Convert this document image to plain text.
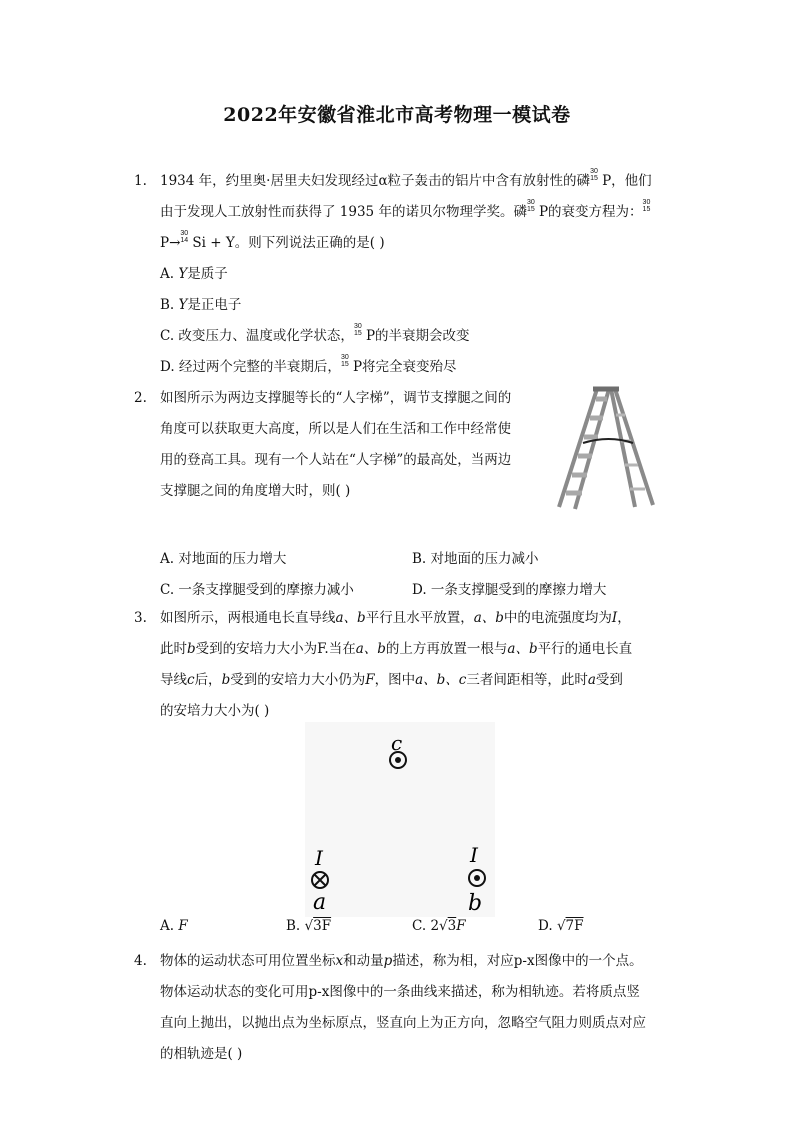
2022年安徽省淮北市高考物理一模试卷
1. 1934 年，约里奥·居里夫妇发现经过α粒子轰击的铝片中含有放射性的磷
30
15 P，他们
由于发现人工放射性而获得了 1935 年的诺贝尔物理学奖。磷
30
15 P的衰变方程为：
30
15
P→
30
14 Si + Y。则下列说法正确的是( )
A. Y是质子
B. Y是正电子
C. 改变压力、温度或化学状态，
30
15 P的半衰期会改变
D. 经过两个完整的半衰期后，
30
15 P将完全衰变殆尽
2. 如图所示为两边支撑腿等长的“人字梯”，调节支撑腿之间的
角度可以获取更大高度，所以是人们在生活和工作中经常使
用的登高工具。现有一个人站在“人字梯”的最高处，当两边
支撑腿之间的角度增大时，则( )
A. 对地面的压力增大	B. 对地面的压力减小
C. 一条支撑腿受到的摩擦力减小	D. 一条支撑腿受到的摩擦力增大
3. 如图所示，两根通电长直导线a、b平行且水平放置，a、b中的电流强度均为I，
此时b受到的安培力大小为F.当在a、b的上方再放置一根与a、b平行的通电长直
导线c后，b受到的安培力大小仍为F，图中a、b、c三者间距相等，此时a受到
的安培力大小为( )
c
I
a
I
b
A. F	B. √3F	C. 2√3F	D. √7F
4. 物体的运动状态可用位置坐标x和动量p描述，称为相，对应p-x图像中的一个点。
物体运动状态的变化可用p-x图像中的一条曲线来描述，称为相轨迹。若将质点竖
直向上抛出，以抛出点为坐标原点，竖直向上为正方向，忽略空气阻力则质点对应
的相轨迹是( )
